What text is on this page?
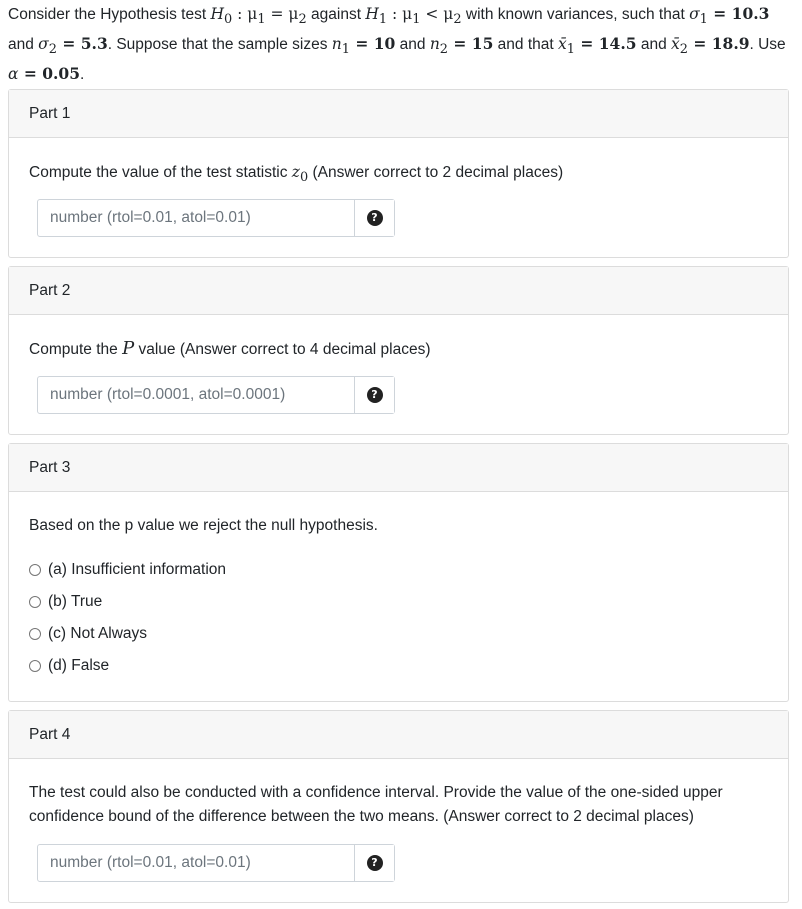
Consider the Hypothesis test $H_0$ : $\mu_1 = \mu_2$ against $H_1$ : $\mu_1 < \mu_2$ with known variances, such that $\sigma_1 = 10.3$
and $\sigma_2 = 5.3$. Suppose that the sample sizes $n_1 = 10$ and $n_2 = 15$ and that $x̄_1 = 14.5$ and $x̄_2 = 18.9$. Use
α = 0.05.
Part 1
Compute the value of the test statistic $z_0$ (Answer correct to 2 decimal places)
number (rtol=0.01, atol=0.01)
?
Part 2
Compute the P value (Answer correct to 4 decimal places)
number (rtol=0.0001, atol=0.0001)
?
Part 3
Based on the p value we reject the null hypothesis.
(a) Insufficient information
(b) True
(c) Not Always
(d) False
Part 4
The test could also be conducted with a confidence interval. Provide the value of the one-sided upper
confidence bound of the difference between the two means. (Answer correct to 2 decimal places)
number (rtol=0.01, atol=0.01)
?
